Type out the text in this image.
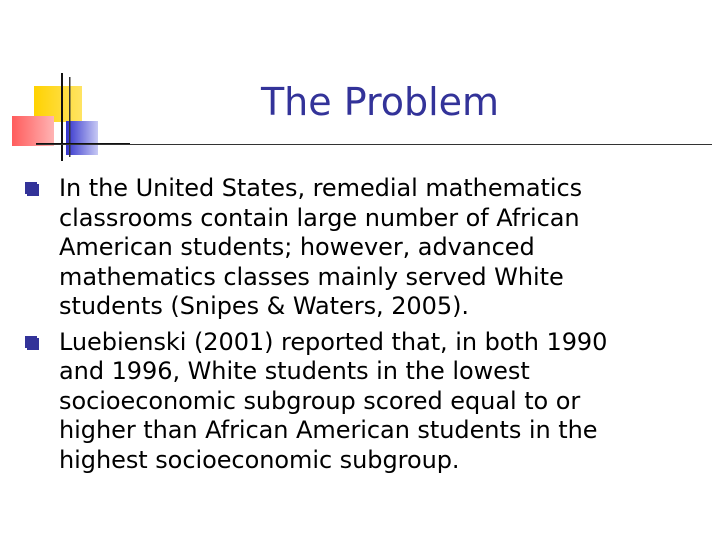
The Problem
In the United States, remedial mathematics
classrooms contain large number of African
American students; however, advanced
mathematics classes mainly served White
students (Snipes & Waters, 2005).
Luebienski (2001) reported that, in both 1990
and 1996, White students in the lowest
socioeconomic subgroup scored equal to or
higher than African American students in the
highest socioeconomic subgroup.
